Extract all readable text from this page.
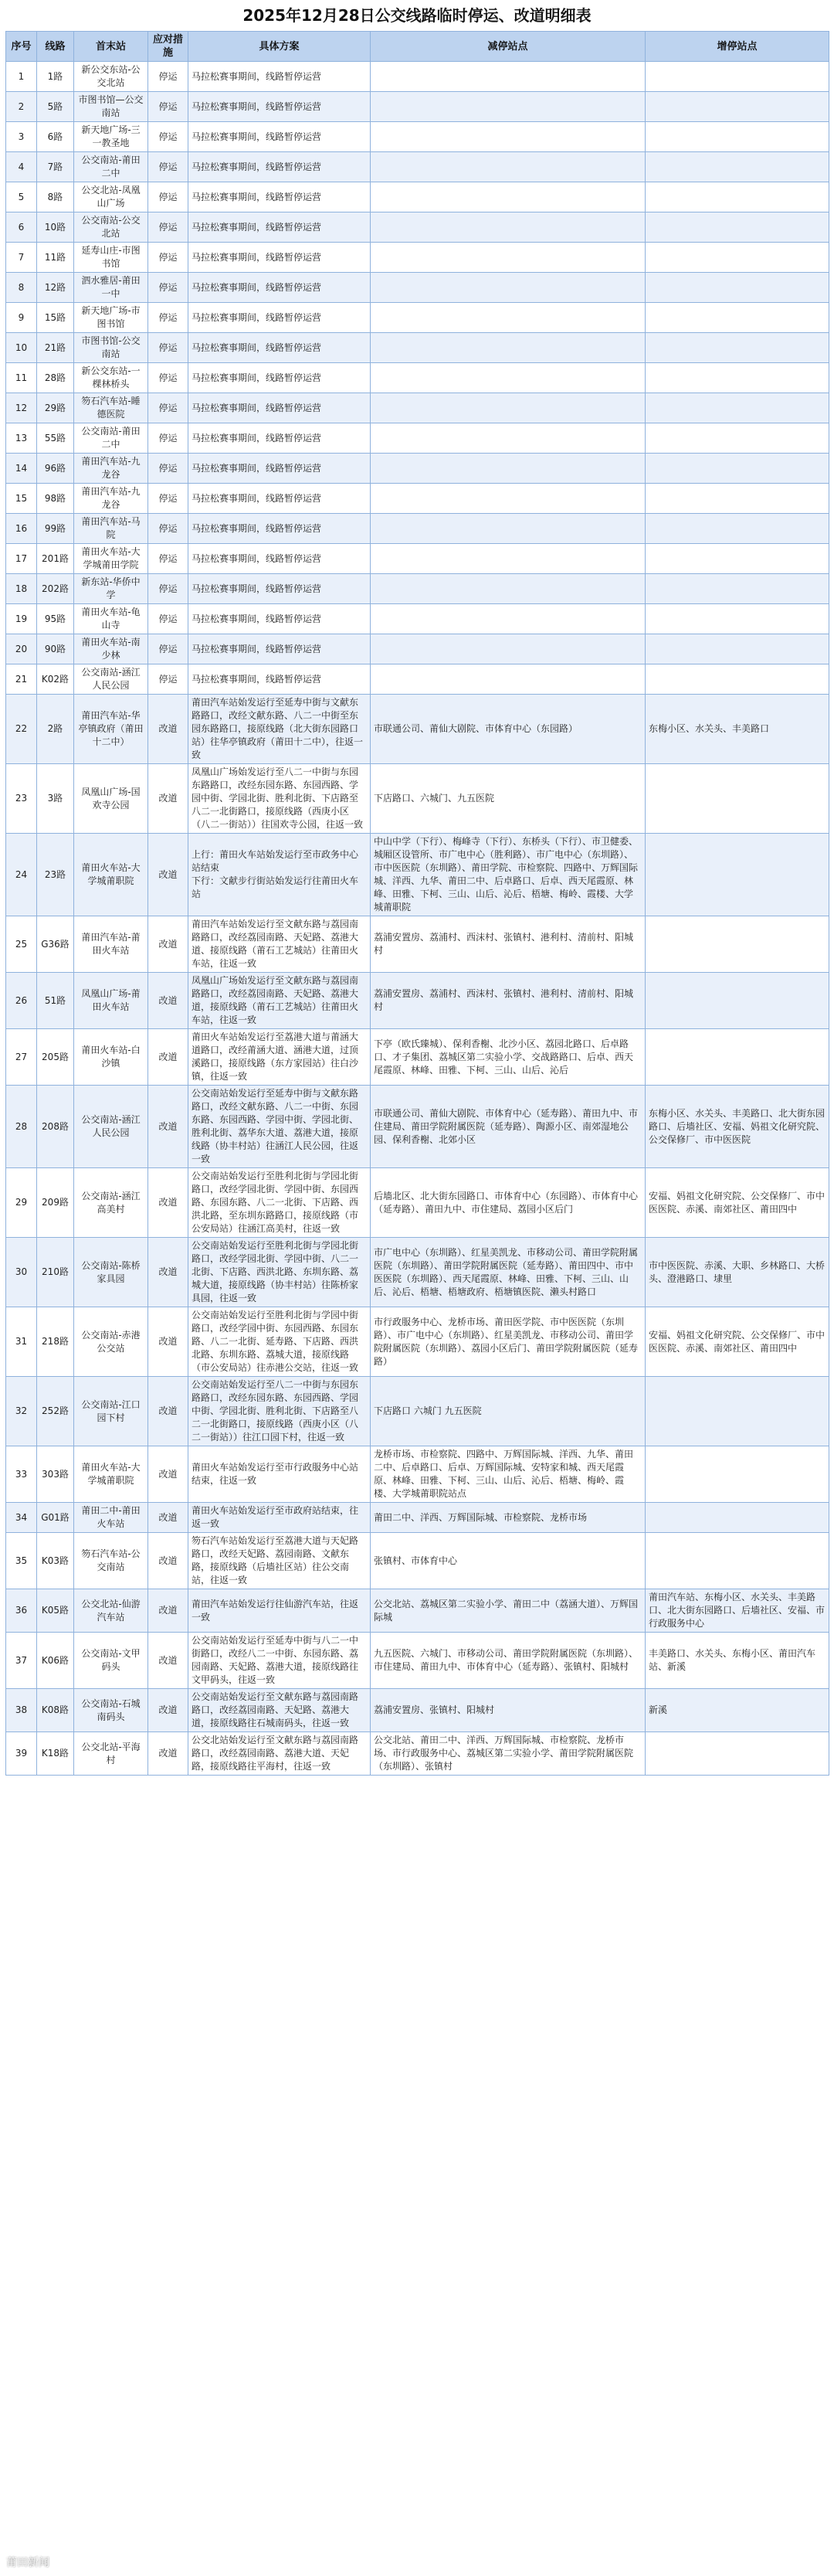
2025年12月28日公交线路临时停运、改道明细表
序号	线路	首末站	应对措施	具体方案	减停站点	增停站点
1	1路	新公交东站-公交北站	停运	马拉松赛事期间，线路暂停运营		
2	5路	市图书馆—公交南站	停运	马拉松赛事期间，线路暂停运营		
3	6路	新天地广场-三一教圣地	停运	马拉松赛事期间，线路暂停运营		
4	7路	公交南站-莆田二中	停运	马拉松赛事期间，线路暂停运营		
5	8路	公交北站-凤凰山广场	停运	马拉松赛事期间，线路暂停运营		
6	10路	公交南站-公交北站	停运	马拉松赛事期间，线路暂停运营		
7	11路	延寿山庄-市图书馆	停运	马拉松赛事期间，线路暂停运营		
8	12路	泗水雅居-莆田一中	停运	马拉松赛事期间，线路暂停运营		
9	15路	新天地广场-市图书馆	停运	马拉松赛事期间，线路暂停运营		
10	21路	市图书馆-公交南站	停运	马拉松赛事期间，线路暂停运营		
11	28路	新公交东站-一棵林桥头	停运	马拉松赛事期间，线路暂停运营		
12	29路	笏石汽车站-睡德医院	停运	马拉松赛事期间，线路暂停运营		
13	55路	公交南站-莆田二中	停运	马拉松赛事期间，线路暂停运营		
14	96路	莆田汽车站-九龙谷	停运	马拉松赛事期间，线路暂停运营		
15	98路	莆田汽车站-九龙谷	停运	马拉松赛事期间，线路暂停运营		
16	99路	莆田汽车站-马院	停运	马拉松赛事期间，线路暂停运营		
17	201路	莆田火车站-大学城莆田学院	停运	马拉松赛事期间，线路暂停运营		
18	202路	新东站-华侨中学	停运	马拉松赛事期间，线路暂停运营		
19	95路	莆田火车站-龟山寺	停运	马拉松赛事期间，线路暂停运营		
20	90路	莆田火车站-南少林	停运	马拉松赛事期间，线路暂停运营		
21	K02路	公交南站-涵江人民公园	停运	马拉松赛事期间，线路暂停运营		
22	2路	莆田汽车站-华亭镇政府（莆田十二中）	改道	莆田汽车站始发运行至延寿中街与文献东路路口，改经文献东路、八二一中街至东园东路路口，接原线路（北大街东园路口站）往华亭镇政府（莆田十二中），往返一致	市联通公司、莆仙大剧院、市体育中心（东园路）	东梅小区、水关头、丰美路口
23	3路	凤凰山广场-国欢寺公园	改道	凤凰山广场始发运行至八二一中街与东园东路路口，改经东园东路、东园西路、学园中街、学园北街、胜利北街、下店路至八二一北街路口，接原线路（西庚小区（八二一街站））往国欢寺公园，往返一致	下店路口、六城门、九五医院	
24	23路	莆田火车站-大学城莆职院	改道	上行：莆田火车站始发运行至市政务中心站结束
下行：文献步行街站始发运行往莆田火车站	中山中学（下行）、梅峰寺（下行）、东桥头（下行）、市卫健委、城厢区设管所、市广电中心（胜利路）、市广电中心（东圳路）、市中医医院（东圳路）、莆田学院、市检察院、四路中、万辉国际城、洋西、九华、莆田二中、后卓路口、后卓、西天尾霞原、林峰、田雅、下柯、三山、山后、沁后、梧塘、梅岭、霞楼、大学城莆职院	
25	G36路	莆田汽车站-莆田火车站	改道	莆田汽车站始发运行至文献东路与荔园南路路口，改经荔园南路、天妃路、荔港大道、接原线路（莆石工艺城站）往莆田火车站，往返一致	荔浦安置房、荔浦村、西沫村、张镇村、港利村、清前村、阳城村	
26	51路	凤凰山广场-莆田火车站	改道	凤凰山广场始发运行至文献东路与荔园南路路口，改经荔园南路、天妃路、荔港大道，接原线路（莆石工艺城站）往莆田火车站，往返一致	荔浦安置房、荔浦村、西沫村、张镇村、港利村、清前村、阳城村	
27	205路	莆田火车站-白沙镇	改道	莆田火车站始发运行至荔港大道与莆涵大道路口，改经莆涵大道、涵港大道，过顶溪路口，接原线路（东方家园站）往白沙镇，往返一致	下亭（欧氏臻城）、保利香榭、北沙小区、荔园北路口、后卓路口、才子集团、荔城区第二实验小学、交战路路口、后卓、西天尾霞原、林峰、田雅、下柯、三山、山后、沁后	
28	208路	公交南站-涵江人民公园	改道	公交南站始发运行至延寿中街与文献东路路口，改经文献东路、八二一中街、东园东路、东园西路、学园中街、学园北街、胜利北街、荔华东大道、荔港大道，接原线路（协丰村站）往涵江人民公园，往返一致	市联通公司、莆仙大剧院、市体育中心（延寿路）、莆田九中、市住建局、莆田学院附属医院（延寿路）、陶源小区、南郊湿地公园、保利香榭、北郊小区	东梅小区、水关头、丰美路口、北大街东园路口、后墙社区、安福、妈祖文化研究院、公交保修厂、市中医医院
29	209路	公交南站-涵江高美村	改道	公交南站始发运行至胜利北街与学园北街路口，改经学园北街、学园中街、东园西路、东园东路、八二一北街、下店路、西洪北路，至东圳东路路口，接原线路（市公安局站）往涵江高美村，往返一致	后墙北区、北大街东园路口、市体育中心（东园路）、市体育中心（延寿路）、莆田九中、市住建局、荔园小区后门	安福、妈祖文化研究院、公交保修厂、市中医医院、赤溪、南郊社区、莆田四中
30	210路	公交南站-陈桥家具园	改道	公交南站始发运行至胜利北街与学园北街路口，改经学园北街、学园中街、八二一北街、下店路、西洪北路、东圳东路、荔城大道，接原线路（协丰村站）往陈桥家具园，往返一致	市广电中心（东圳路）、红星美凯龙、市移动公司、莆田学院附属医院（东圳路）、莆田学院附属医院（延寿路）、莆田四中、市中医医院（东圳路）、西天尾霞原、林峰、田雅、下柯、三山、山后、沁后、梧塘、梧塘政府、梧塘镇医院、濑头村路口	市中医医院、赤溪、大职、乡林路口、大桥头、澄港路口、埭里
31	218路	公交南站-赤港公交站	改道	公交南站始发运行至胜利北街与学园中街路口，改经学园中街、东园西路、东园东路、八二一北街、延寿路、下店路、西洪北路、东圳东路、荔城大道，接原线路（市公安局站）往赤港公交站，往返一致	市行政服务中心、龙桥市场、莆田医学院、市中医医院（东圳路）、市广电中心（东圳路）、红星美凯龙、市移动公司、莆田学院附属医院（东圳路）、荔园小区后门、莆田学院附属医院（延寿路）	安福、妈祖文化研究院、公交保修厂、市中医医院、赤溪、南郊社区、莆田四中
32	252路	公交南站-江口园下村	改道	公交南站始发运行至八二一中街与东园东路路口，改经东园东路、东园西路、学园中街、学园北街、胜利北街、下店路至八二一北街路口，接原线路（西庚小区（八二一街站））往江口园下村，往返一致	下店路口 六城门 九五医院	
33	303路	莆田火车站-大学城莆职院	改道	莆田火车站始发运行至市行政服务中心站结束，往返一致	龙桥市场、市检察院、四路中、万辉国际城、洋西、九华、莆田二中、后卓路口、后卓、万辉国际城、安特家和城、西天尾霞原、林峰、田雅、下柯、三山、山后、沁后、梧塘、梅岭、霞楼、大学城莆职院站点	
34	G01路	莆田二中-莆田火车站	改道	莆田火车站始发运行至市政府站结束，往返一致	莆田二中、洋西、万辉国际城、市检察院、龙桥市场	
35	K03路	笏石汽车站-公交南站	改道	笏石汽车站始发运行至荔港大道与天妃路路口，改经天妃路、荔园南路、文献东路，接原线路（后墙社区站）往公交南站，往返一致	张镇村、市体育中心	
36	K05路	公交北站-仙游汽车站	改道	莆田汽车站始发运行往仙游汽车站，往返一致	公交北站、荔城区第二实验小学、莆田二中（荔涵大道）、万辉国际城	莆田汽车站、东梅小区、水关头、丰美路口、北大街东园路口、后墙社区、安福、市行政服务中心
37	K06路	公交南站-文甲码头	改道	公交南站始发运行至延寿中街与八二一中街路口，改经八二一中街、东园东路、荔园南路、天妃路、荔港大道，接原线路往文甲码头，往返一致	九五医院、六城门、市移动公司、莆田学院附属医院（东圳路）、市住建局、莆田九中、市体育中心（延寿路）、张镇村、阳城村	丰美路口、水关头、东梅小区、莆田汽车站、新溪
38	K08路	公交南站-石城南码头	改道	公交南站始发运行至文献东路与荔园南路路口，改经荔园南路、天妃路、荔港大道，接原线路往石城南码头，往返一致	荔浦安置房、张镇村、阳城村	新溪
39	K18路	公交北站-平海村	改道	公交北站始发运行至文献东路与荔园南路路口，改经荔园南路、荔港大道、天妃路，接原线路往平海村，往返一致	公交北站、莆田二中、洋西、万辉国际城、市检察院、龙桥市场、市行政服务中心、荔城区第二实验小学、莆田学院附属医院（东圳路）、张镇村	
莆田新闻
